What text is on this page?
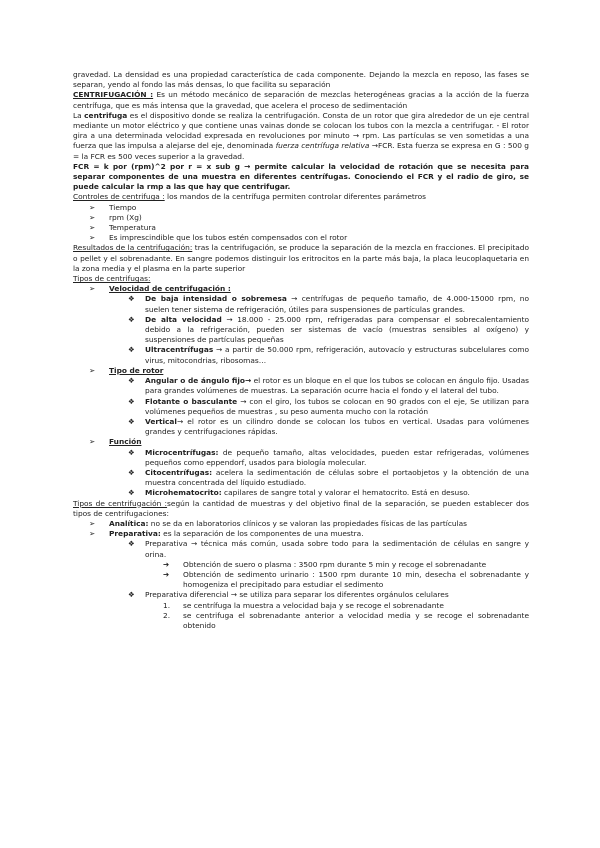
gravedad. La densidad es una propiedad característica de cada componente. Dejando la mezcla en reposo, las fases se separan, yendo al fondo las más densas, lo que facilita su separación

CENTRIFUGACIÓN : Es un método mecánico de separación de mezclas heterogéneas gracias a la acción de la fuerza centrífuga, que es más intensa que la gravedad, que acelera el proceso de sedimentación

La centrifuga es el dispositivo donde se realiza la centrifugación. Consta de un rotor que gira alrededor de un eje central mediante un motor eléctrico y que contiene unas vainas donde se colocan los tubos con la mezcla a centrifugar. - El rotor gira a una determinada velocidad expresada en revoluciones por minuto → rpm. Las partículas se ven sometidas a una fuerza que las impulsa a alejarse del eje, denominada fuerza centrífuga relativa →FCR. Esta fuerza se expresa en G : 500 g = la FCR es 500 veces superior a la gravedad.

FCR = k por (rpm)^2 por r = x sub g → permite calcular la velocidad de rotación que se necesita para separar componentes de una muestra en diferentes centrífugas. Conociendo el FCR y el radio de giro, se puede calcular la rmp a las que hay que centrifugar.

Controles de centrifuga : los mandos de la centrífuga permiten controlar diferentes parámetros

➢	Tiempo
➢	rpm (Xg)
➢	Temperatura
➢	Es imprescindible que los tubos estén compensados con el rotor

Resultados de la centrifugación: tras la centrifugación, se produce la separación de la mezcla en fracciones. El precipitado o pellet y el sobrenadante. En sangre podemos distinguir los eritrocitos en la parte más baja, la placa leucoplaquetaria en la zona media y el plasma en la parte superior

Tipos de centrifugas:

➢	Velocidad de centrifugación :
❖	De baja intensidad o sobremesa → centrífugas de pequeño tamaño, de 4.000-15000 rpm, no suelen tener sistema de refrigeración, útiles para suspensiones de partículas grandes.
❖	De alta velocidad → 18.000 - 25.000 rpm, refrigeradas para compensar el sobrecalentamiento debido a la refrigeración, pueden ser sistemas de vacío (muestras sensibles al oxígeno) y suspensiones de partículas pequeñas
❖	Ultracentrífugas → a partir de 50.000 rpm, refrigeración, autovacío y estructuras subcelulares como virus, mitocondrias, ribosomas…
➢	Tipo de rotor
❖	Angular o de ángulo fijo→ el rotor es un bloque en el que los tubos se colocan en ángulo fijo. Usadas para grandes volúmenes de muestras. La separación ocurre hacia el fondo y el lateral del tubo.
❖	Flotante o basculante → con el giro, los tubos se colocan en 90 grados con el eje, Se utilizan para volúmenes pequeños de muestras , su peso aumenta mucho con la rotación
❖	Vertical→ el rotor es un cilindro donde se colocan los tubos en vertical. Usadas para volúmenes grandes y centrifugaciones rápidas.
➢	Función
❖	Microcentrífugas: de pequeño tamaño, altas velocidades, pueden estar refrigeradas, volúmenes pequeños como eppendorf, usados para biología molecular.
❖	Citocentrífugas: acelera la sedimentación de células sobre el portaobjetos y la obtención de una muestra concentrada del líquido estudiado.
❖	Microhematocrito: capilares de sangre total y valorar el hematocrito. Está en desuso.

Tipos de centrifugación :según la cantidad de muestras y del objetivo final de la separación, se pueden establecer dos tipos de centrifugaciones:

➢	Analítica: no se da en laboratorios clínicos y se valoran las propiedades físicas de las partículas
➢	Preparativa: es la separación de los componentes de una muestra.
❖	Preparativa → técnica más común, usada sobre todo para la sedimentación de células en sangre y orina.
➔	Obtención de suero o plasma : 3500 rpm durante 5 min y recoge el sobrenadante
➔	Obtención de sedimento urinario : 1500 rpm durante 10 min, desecha el sobrenadante y homogeniza el precipitado para estudiar el sedimento
❖	Preparativa diferencial → se utiliza para separar los diferentes orgánulos celulares
1.	se centrífuga la muestra a velocidad baja y se recoge el sobrenadante
2.	se centrifuga el sobrenadante anterior a velocidad media y se recoge el sobrenadante obtenido
